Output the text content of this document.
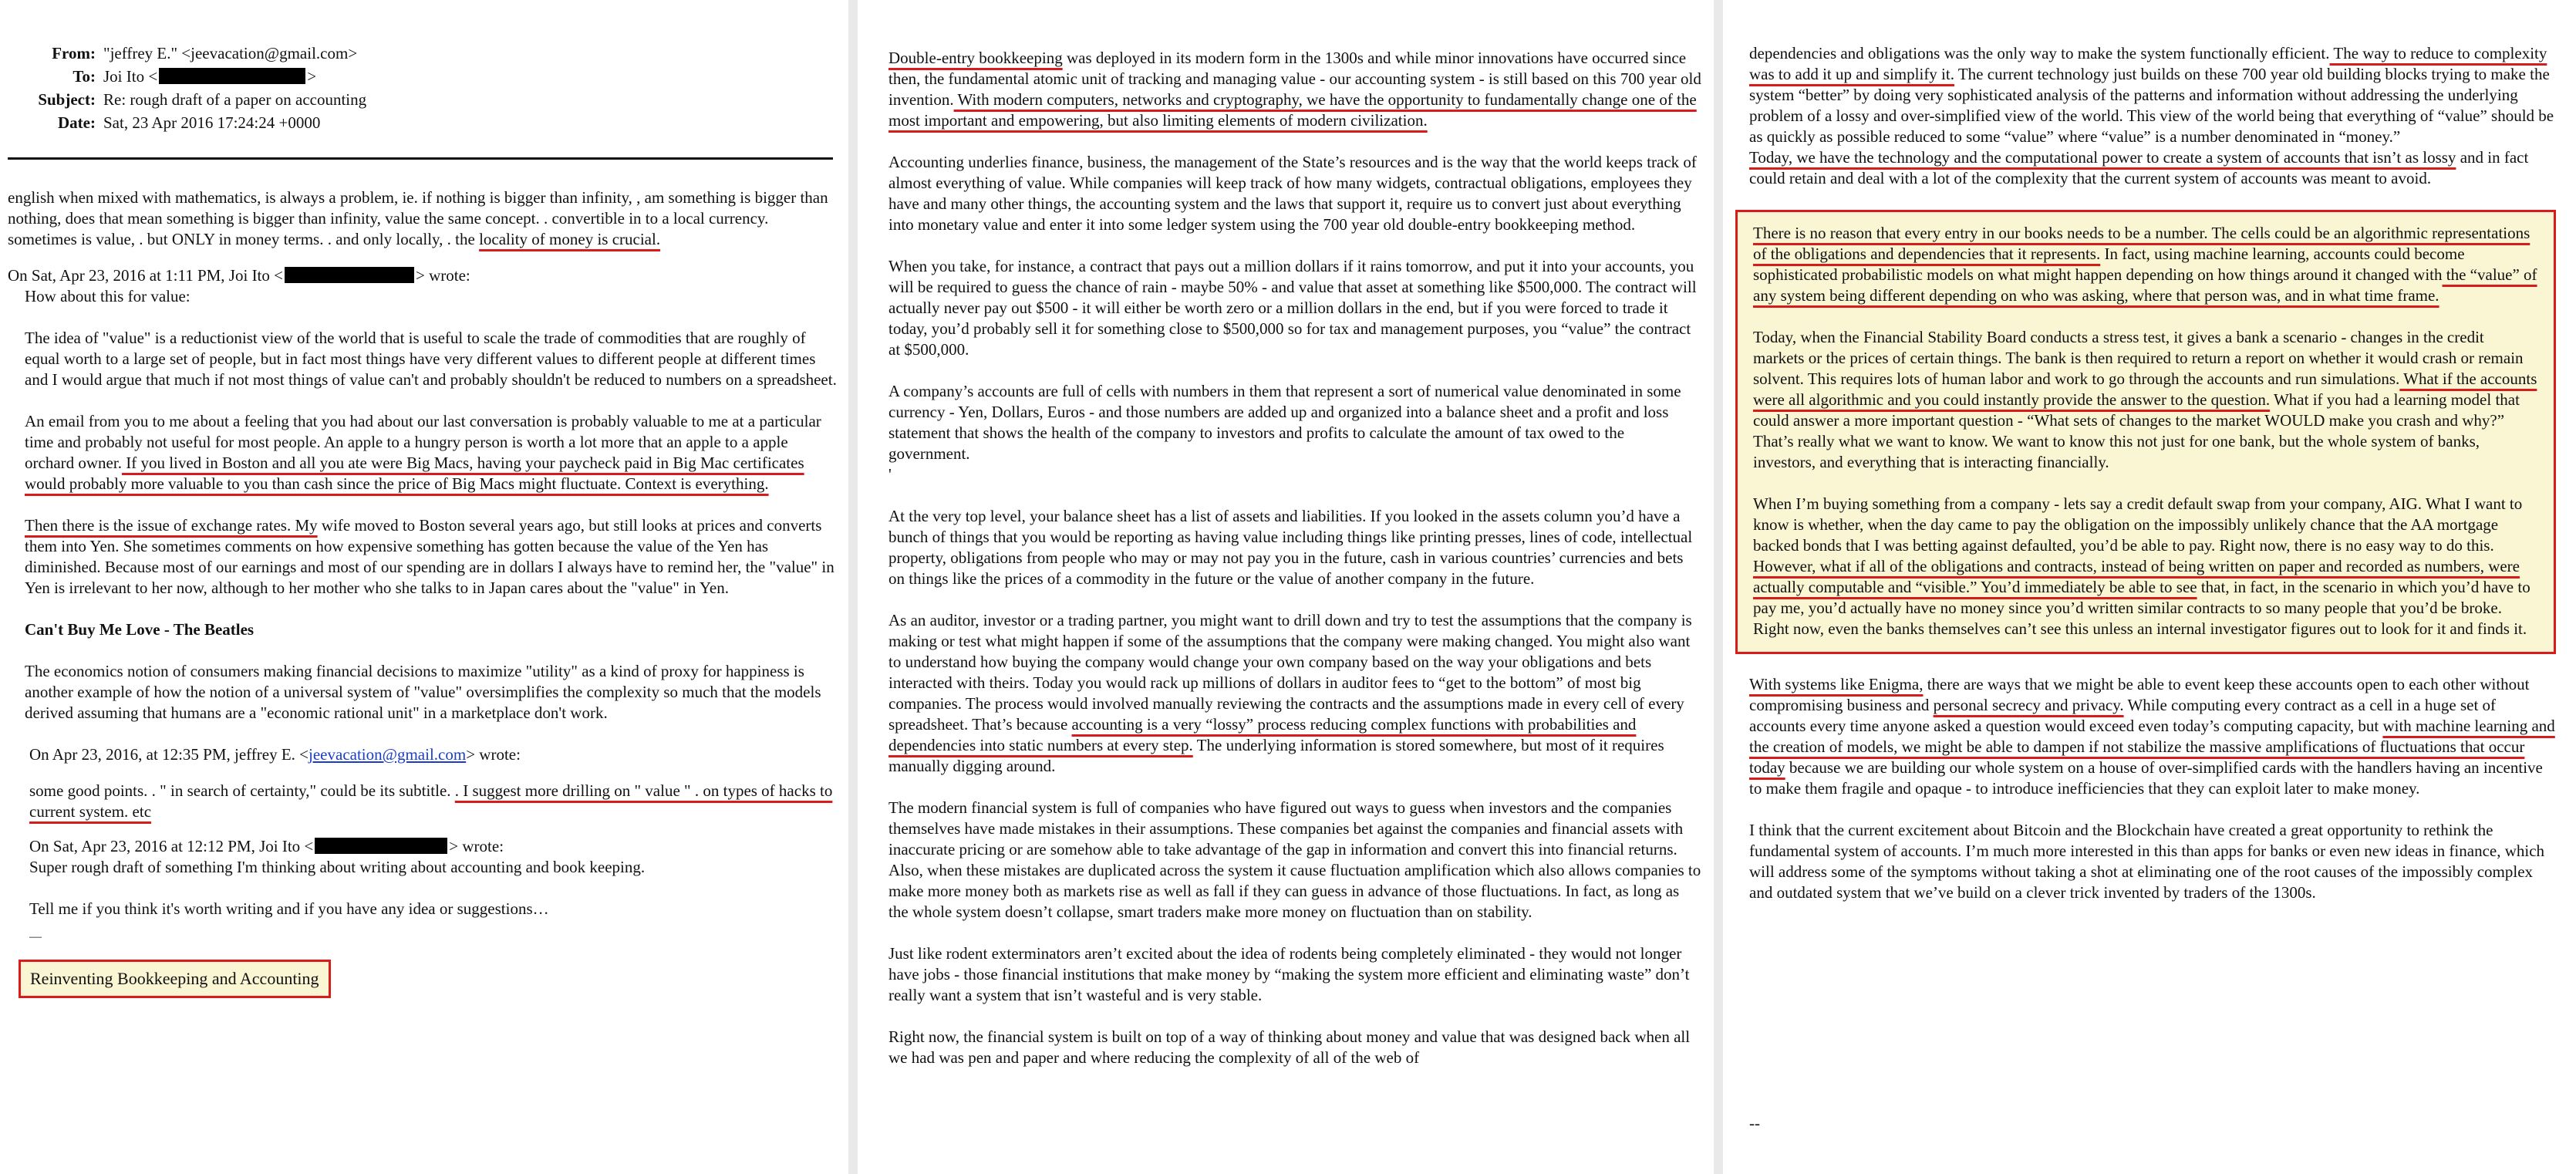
From: "jeffrey E." <jeevacation@gmail.com>
To: Joi Ito <	>
Subject: Re: rough draft of a paper on accounting
Date: Sat, 23 Apr 2016 17:24:24 +0000

english when mixed with mathematics, is always a problem, ie. if nothing is bigger than infinity, , am something is bigger than nothing, does that mean something is bigger than infinity, value the same concept. . convertible in to a local currency. sometimes is value, . but ONLY in money terms. . and only locally, . the locality of money is crucial.

On Sat, Apr 23, 2016 at 1:11 PM, Joi Ito <	> wrote:

How about this for value:

The idea of "value" is a reductionist view of the world that is useful to scale the trade of commodities that are roughly of equal worth to a large set of people, but in fact most things have very different values to different people at different times and I would argue that much if not most things of value can't and probably shouldn't be reduced to numbers on a spreadsheet.

An email from you to me about a feeling that you had about our last conversation is probably valuable to me at a particular time and probably not useful for most people. An apple to a hungry person is worth a lot more that an apple to a apple orchard owner. If you lived in Boston and all you ate were Big Macs, having your paycheck paid in Big Mac certificates would probably more valuable to you than cash since the price of Big Macs might fluctuate. Context is everything.

Then there is the issue of exchange rates. My wife moved to Boston several years ago, but still looks at prices and converts them into Yen. She sometimes comments on how expensive something has gotten because the value of the Yen has diminished. Because most of our earnings and most of our spending are in dollars I always have to remind her, the "value" in Yen is irrelevant to her now, although to her mother who she talks to in Japan cares about the "value" in Yen.

Can't Buy Me Love - The Beatles

The economics notion of consumers making financial decisions to maximize "utility" as a kind of proxy for happiness is another example of how the notion of a universal system of "value" oversimplifies the complexity so much that the models derived assuming that humans are a "economic rational unit" in a marketplace don't work.

On Apr 23, 2016, at 12:35 PM, jeffrey E. <jeevacation@gmail.com> wrote:

some good points. . " in search of certainty," could be its subtitle. . I suggest more drilling on " value " . on types of hacks to current system. etc

On Sat, Apr 23, 2016 at 12:12 PM, Joi Ito <	> wrote:

Super rough draft of something I'm thinking about writing about accounting and book keeping.

Tell me if you think it's worth writing and if you have any idea or suggestions…

—
Reinventing Bookkeeping and Accounting

Double-entry bookkeeping was deployed in its modern form in the 1300s and while minor innovations have occurred since then, the fundamental atomic unit of tracking and managing value - our accounting system - is still based on this 700 year old invention. With modern computers, networks and cryptography, we have the opportunity to fundamentally change one of the most important and empowering, but also limiting elements of modern civilization.

Accounting underlies finance, business, the management of the State’s resources and is the way that the world keeps track of almost everything of value. While companies will keep track of how many widgets, contractual obligations, employees they have and many other things, the accounting system and the laws that support it, require us to convert just about everything into monetary value and enter it into some ledger system using the 700 year old double-entry bookkeeping method.

When you take, for instance, a contract that pays out a million dollars if it rains tomorrow, and put it into your accounts, you will be required to guess the chance of rain - maybe 50% - and value that asset at something like $500,000. The contract will actually never pay out $500 - it will either be worth zero or a million dollars in the end, but if you were forced to trade it today, you’d probably sell it for something close to $500,000 so for tax and management purposes, you “value” the contract at $500,000.

A company’s accounts are full of cells with numbers in them that represent a sort of numerical value denominated in some currency - Yen, Dollars, Euros - and those numbers are added up and organized into a balance sheet and a profit and loss statement that shows the health of the company to investors and profits to calculate the amount of tax owed to the government.

'

At the very top level, your balance sheet has a list of assets and liabilities. If you looked in the assets column you’d have a bunch of things that you would be reporting as having value including things like printing presses, lines of code, intellectual property, obligations from people who may or may not pay you in the future, cash in various countries’ currencies and bets on things like the prices of a commodity in the future or the value of another company in the future.

As an auditor, investor or a trading partner, you might want to drill down and try to test the assumptions that the company is making or test what might happen if some of the assumptions that the company were making changed. You might also want to understand how buying the company would change your own company based on the way your obligations and bets interacted with theirs. Today you would rack up millions of dollars in auditor fees to “get to the bottom” of most big companies. The process would involved manually reviewing the contracts and the assumptions made in every cell of every spreadsheet. That’s because accounting is a very “lossy” process reducing complex functions with probabilities and dependencies into static numbers at every step. The underlying information is stored somewhere, but most of it requires manually digging around.

The modern financial system is full of companies who have figured out ways to guess when investors and the companies themselves have made mistakes in their assumptions. These companies bet against the companies and financial assets with inaccurate pricing or are somehow able to take advantage of the gap in information and convert this into financial returns. Also, when these mistakes are duplicated across the system it cause fluctuation amplification which also allows companies to make more money both as markets rise as well as fall if they can guess in advance of those fluctuations. In fact, as long as the whole system doesn’t collapse, smart traders make more money on fluctuation than on stability.

Just like rodent exterminators aren’t excited about the idea of rodents being completely eliminated - they would not longer have jobs - those financial institutions that make money by “making the system more efficient and eliminating waste” don’t really want a system that isn’t wasteful and is very stable.

Right now, the financial system is built on top of a way of thinking about money and value that was designed back when all we had was pen and paper and where reducing the complexity of all of the web of

dependencies and obligations was the only way to make the system functionally efficient. The way to reduce to complexity was to add it up and simplify it. The current technology just builds on these 700 year old building blocks trying to make the system “better” by doing very sophisticated analysis of the patterns and information without addressing the underlying problem of a lossy and over-simplified view of the world. This view of the world being that everything of “value” should be as quickly as possible reduced to some “value” where “value” is a number denominated in “money.”
Today, we have the technology and the computational power to create a system of accounts that isn’t as lossy and in fact could retain and deal with a lot of the complexity that the current system of accounts was meant to avoid.

There is no reason that every entry in our books needs to be a number. The cells could be an algorithmic representations of the obligations and dependencies that it represents. In fact, using machine learning, accounts could become sophisticated probabilistic models on what might happen depending on how things around it changed with the “value” of any system being different depending on who was asking, where that person was, and in what time frame.

Today, when the Financial Stability Board conducts a stress test, it gives a bank a scenario - changes in the credit markets or the prices of certain things. The bank is then required to return a report on whether it would crash or remain solvent. This requires lots of human labor and work to go through the accounts and run simulations. What if the accounts were all algorithmic and you could instantly provide the answer to the question. What if you had a learning model that could answer a more important question - “What sets of changes to the market WOULD make you crash and why?” That’s really what we want to know. We want to know this not just for one bank, but the whole system of banks, investors, and everything that is interacting financially.

When I’m buying something from a company - lets say a credit default swap from your company, AIG. What I want to know is whether, when the day came to pay the obligation on the impossibly unlikely chance that the AA mortgage backed bonds that I was betting against defaulted, you’d be able to pay. Right now, there is no easy way to do this. However, what if all of the obligations and contracts, instead of being written on paper and recorded as numbers, were actually computable and “visible.” You’d immediately be able to see that, in fact, in the scenario in which you’d have to pay me, you’d actually have no money since you’d written similar contracts to so many people that you’d be broke. Right now, even the banks themselves can’t see this unless an internal investigator figures out to look for it and finds it.

With systems like Enigma, there are ways that we might be able to event keep these accounts open to each other without compromising business and personal secrecy and privacy. While computing every contract as a cell in a huge set of accounts every time anyone asked a question would exceed even today’s computing capacity, but with machine learning and the creation of models, we might be able to dampen if not stabilize the massive amplifications of fluctuations that occur today because we are building our whole system on a house of over-simplified cards with the handlers having an incentive to make them fragile and opaque - to introduce inefficiencies that they can exploit later to make money.

I think that the current excitement about Bitcoin and the Blockchain have created a great opportunity to rethink the fundamental system of accounts. I’m much more interested in this than apps for banks or even new ideas in finance, which will address some of the symptoms without taking a shot at eliminating one of the root causes of the impossibly complex and outdated system that we’ve build on a clever trick invented by traders of the 1300s.

--
